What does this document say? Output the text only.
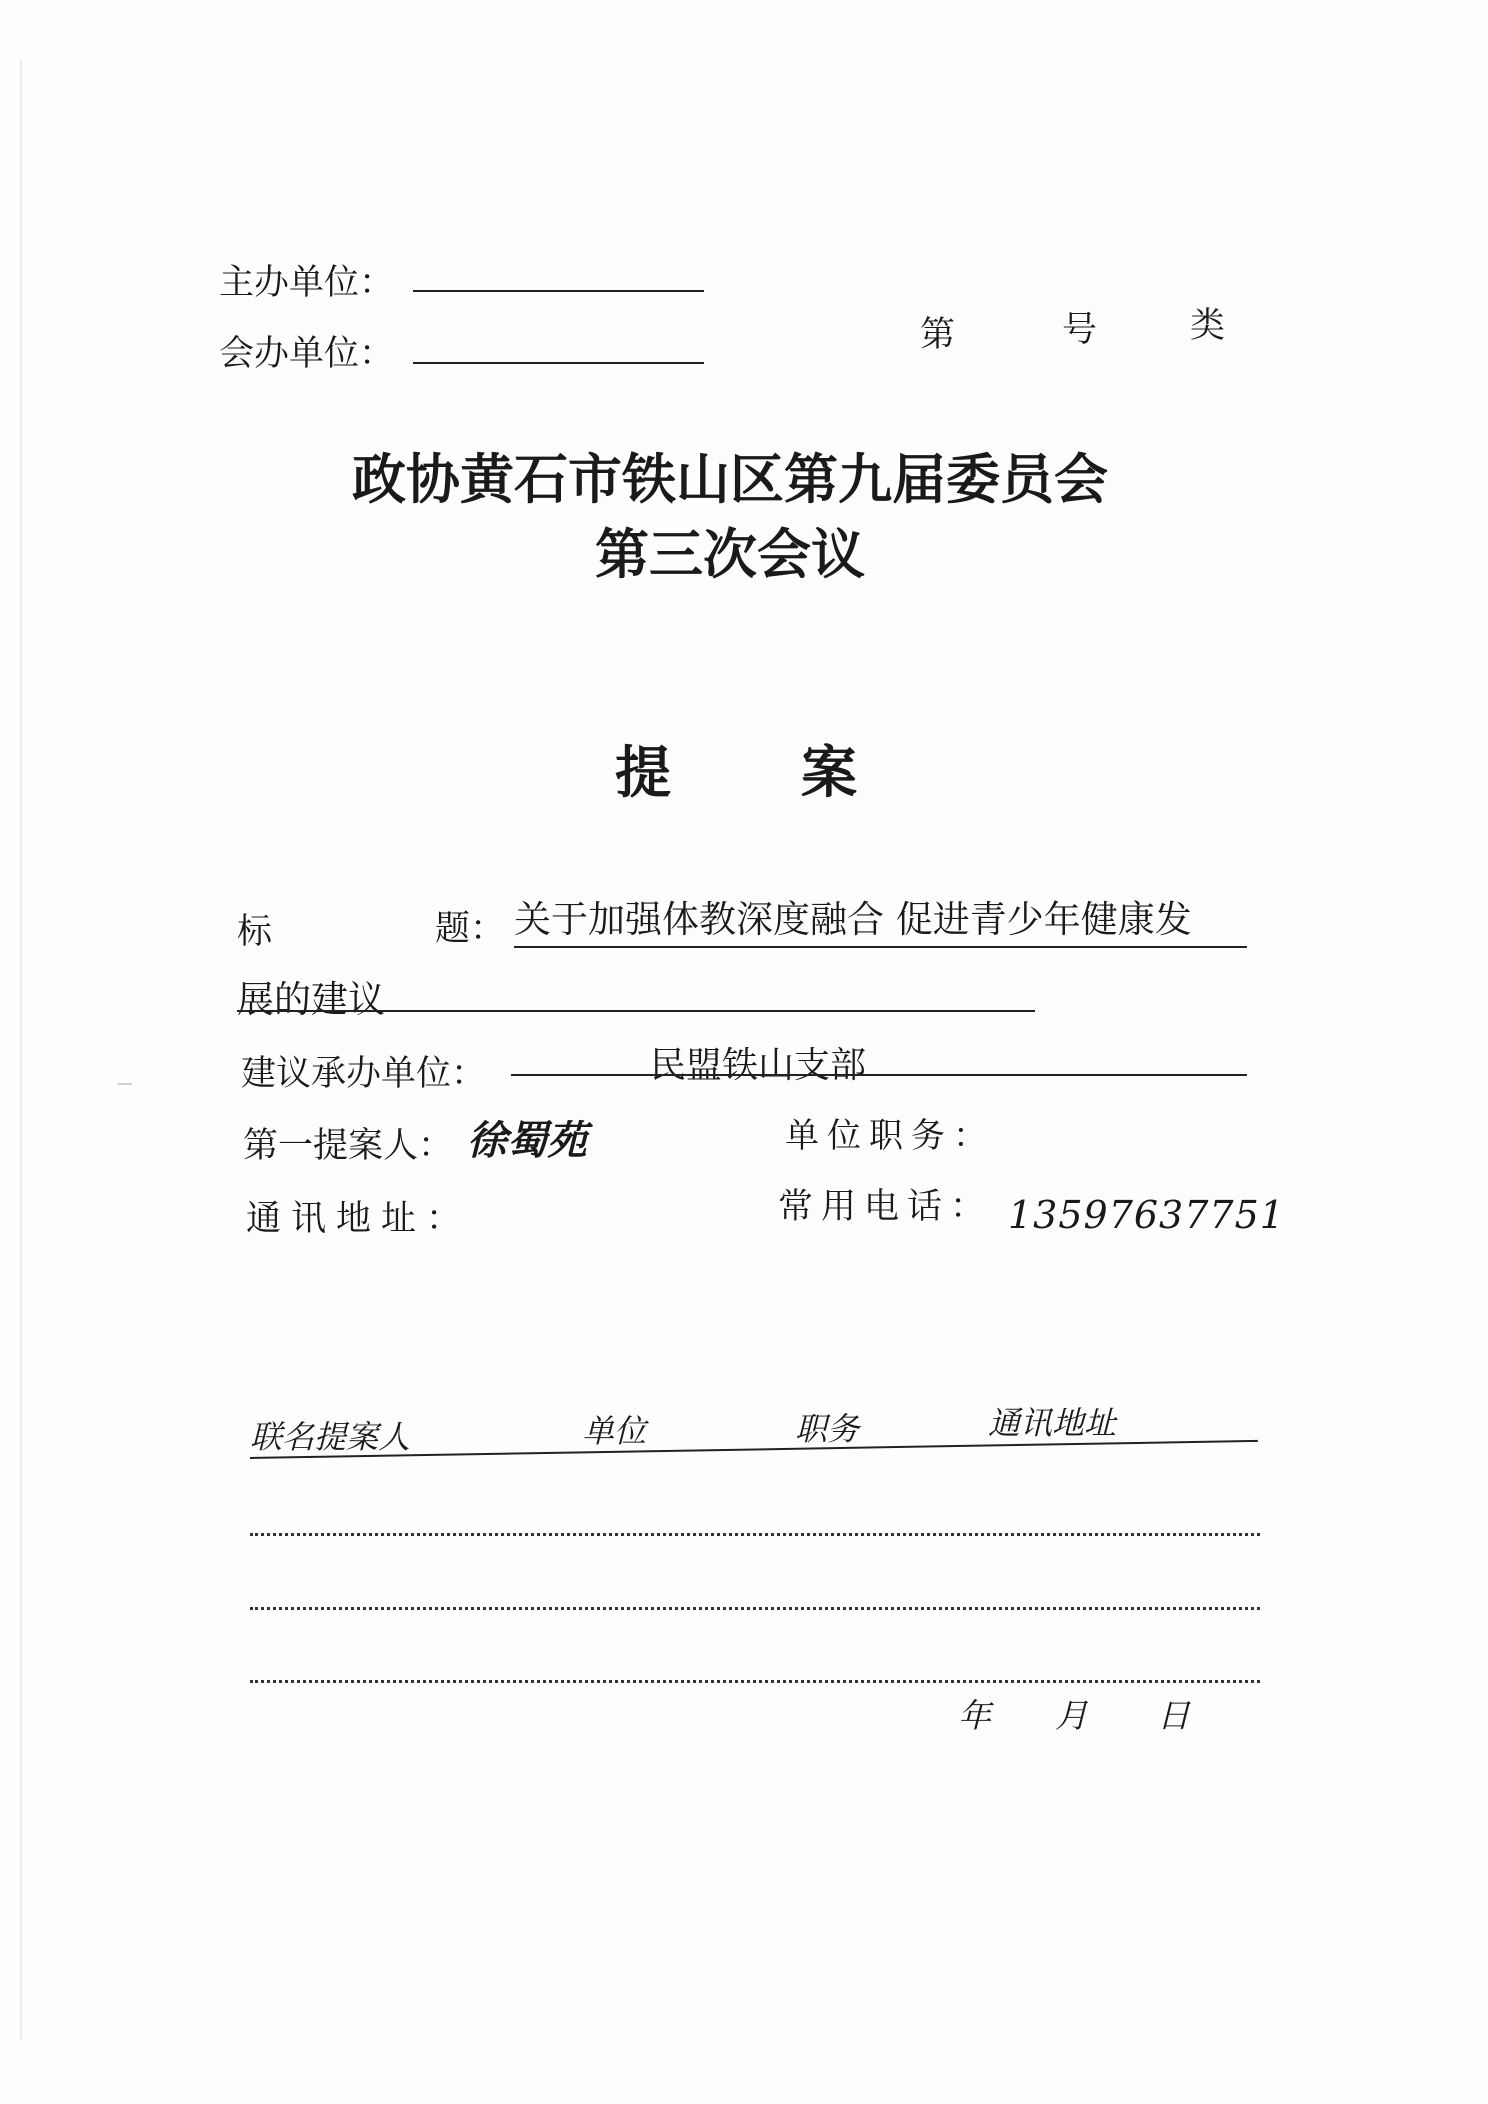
主办单位：
会办单位：	第	号	类
政协黄石市铁山区第九届委员会
第三次会议
提 案
标	题： 关于加强体教深度融合 促进青少年健康发
展的建议
建议承办单位：	民盟铁山支部
第一提案人： 徐蜀苑	单位职务：
通讯地址：	常用电话： 13597637751
联名提案人	单位	职务	通讯地址
年 月 日
